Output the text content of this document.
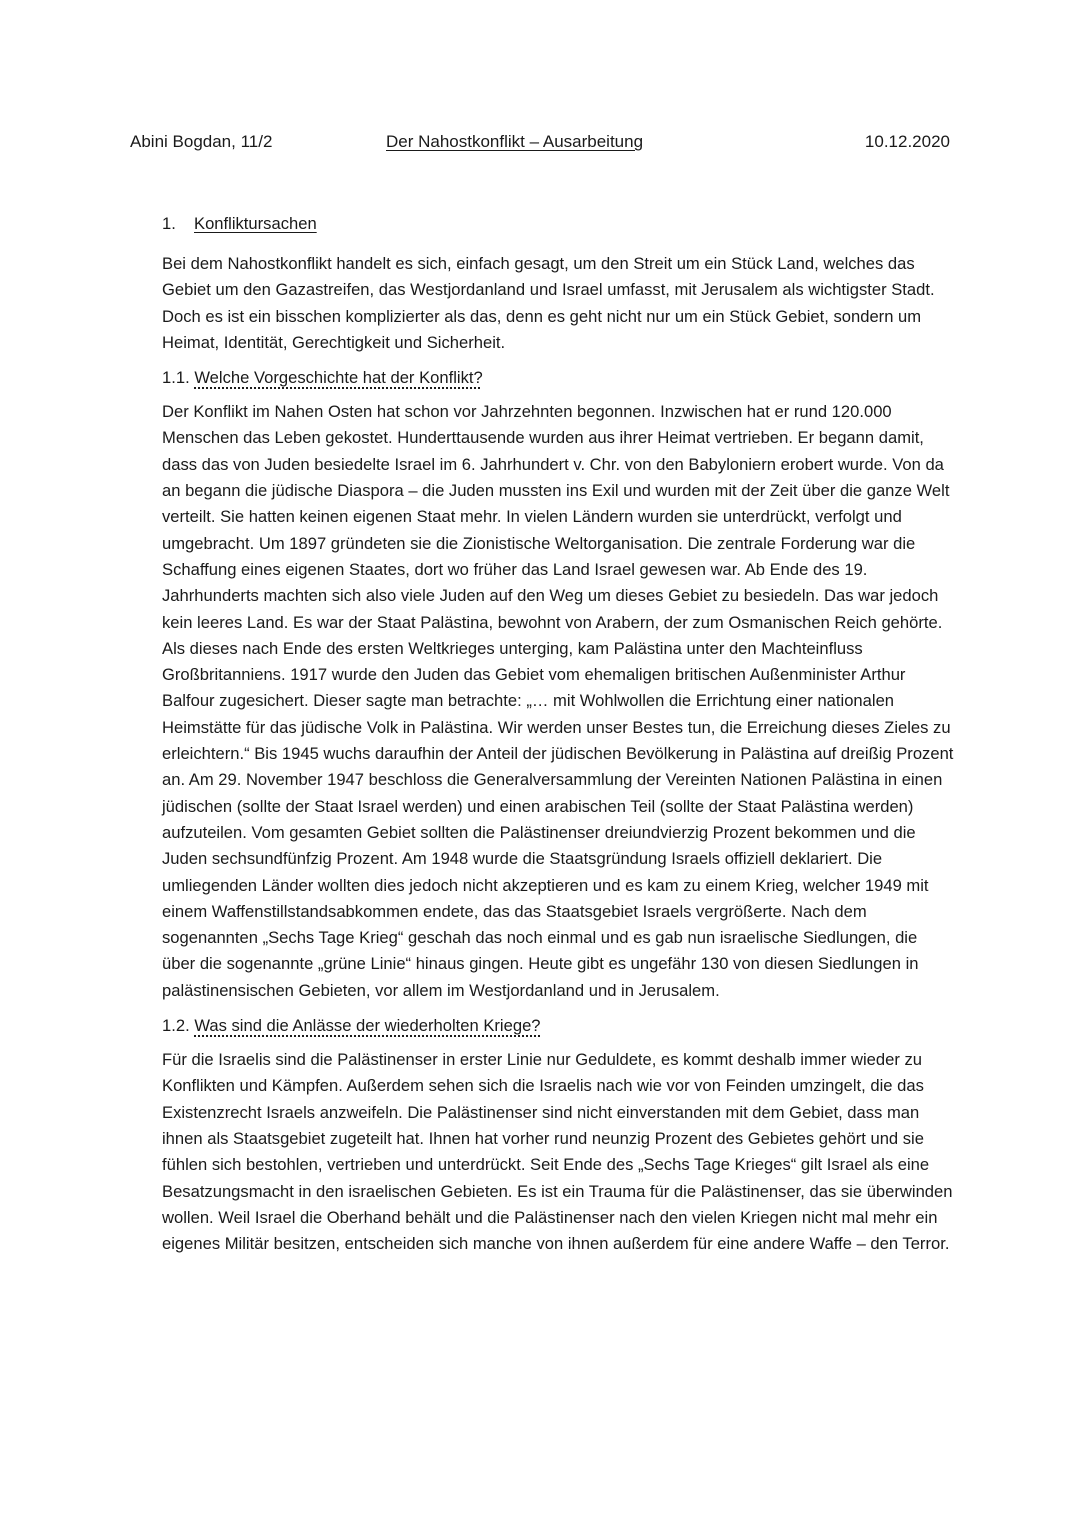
Abini Bogdan, 11/2	Der Nahostkonflikt – Ausarbeitung	10.12.2020
1. Konfliktursachen

Bei dem Nahostkonflikt handelt es sich, einfach gesagt, um den Streit um ein Stück Land, welches das Gebiet um den Gazastreifen, das Westjordanland und Israel umfasst, mit Jerusalem als wichtigster Stadt. Doch es ist ein bisschen komplizierter als das, denn es geht nicht nur um ein Stück Gebiet, sondern um Heimat, Identität, Gerechtigkeit und Sicherheit.

1.1. Welche Vorgeschichte hat der Konflikt?

Der Konflikt im Nahen Osten hat schon vor Jahrzehnten begonnen. Inzwischen hat er rund 120.000 Menschen das Leben gekostet. Hunderttausende wurden aus ihrer Heimat vertrieben. Er begann damit, dass das von Juden besiedelte Israel im 6. Jahrhundert v. Chr. von den Babyloniern erobert wurde. Von da an begann die jüdische Diaspora – die Juden mussten ins Exil und wurden mit der Zeit über die ganze Welt verteilt. Sie hatten keinen eigenen Staat mehr. In vielen Ländern wurden sie unterdrückt, verfolgt und umgebracht. Um 1897 gründeten sie die Zionistische Weltorganisation. Die zentrale Forderung war die Schaffung eines eigenen Staates, dort wo früher das Land Israel gewesen war. Ab Ende des 19. Jahrhunderts machten sich also viele Juden auf den Weg um dieses Gebiet zu besiedeln. Das war jedoch kein leeres Land. Es war der Staat Palästina, bewohnt von Arabern, der zum Osmanischen Reich gehörte. Als dieses nach Ende des ersten Weltkrieges unterging, kam Palästina unter den Machteinfluss Großbritanniens. 1917 wurde den Juden das Gebiet vom ehemaligen britischen Außenminister Arthur Balfour zugesichert. Dieser sagte man betrachte: „… mit Wohlwollen die Errichtung einer nationalen Heimstätte für das jüdische Volk in Palästina. Wir werden unser Bestes tun, die Erreichung dieses Zieles zu erleichtern.“ Bis 1945 wuchs daraufhin der Anteil der jüdischen Bevölkerung in Palästina auf dreißig Prozent an. Am 29. November 1947 beschloss die Generalversammlung der Vereinten Nationen Palästina in einen jüdischen (sollte der Staat Israel werden) und einen arabischen Teil (sollte der Staat Palästina werden) aufzuteilen. Vom gesamten Gebiet sollten die Palästinenser dreiundvierzig Prozent bekommen und die Juden sechsundfünfzig Prozent. Am 1948 wurde die Staatsgründung Israels offiziell deklariert. Die umliegenden Länder wollten dies jedoch nicht akzeptieren und es kam zu einem Krieg, welcher 1949 mit einem Waffenstillstandsabkommen endete, das das Staatsgebiet Israels vergrößerte. Nach dem sogenannten „Sechs Tage Krieg“ geschah das noch einmal und es gab nun israelische Siedlungen, die über die sogenannte „grüne Linie“ hinaus gingen. Heute gibt es ungefähr 130 von diesen Siedlungen in palästinensischen Gebieten, vor allem im Westjordanland und in Jerusalem.

1.2. Was sind die Anlässe der wiederholten Kriege?

Für die Israelis sind die Palästinenser in erster Linie nur Geduldete, es kommt deshalb immer wieder zu Konflikten und Kämpfen. Außerdem sehen sich die Israelis nach wie vor von Feinden umzingelt, die das Existenzrecht Israels anzweifeln. Die Palästinenser sind nicht einverstanden mit dem Gebiet, dass man ihnen als Staatsgebiet zugeteilt hat. Ihnen hat vorher rund neunzig Prozent des Gebietes gehört und sie fühlen sich bestohlen, vertrieben und unterdrückt. Seit Ende des „Sechs Tage Krieges“ gilt Israel als eine Besatzungsmacht in den israelischen Gebieten. Es ist ein Trauma für die Palästinenser, das sie überwinden wollen. Weil Israel die Oberhand behält und die Palästinenser nach den vielen Kriegen nicht mal mehr ein eigenes Militär besitzen, entscheiden sich manche von ihnen außerdem für eine andere Waffe – den Terror.
